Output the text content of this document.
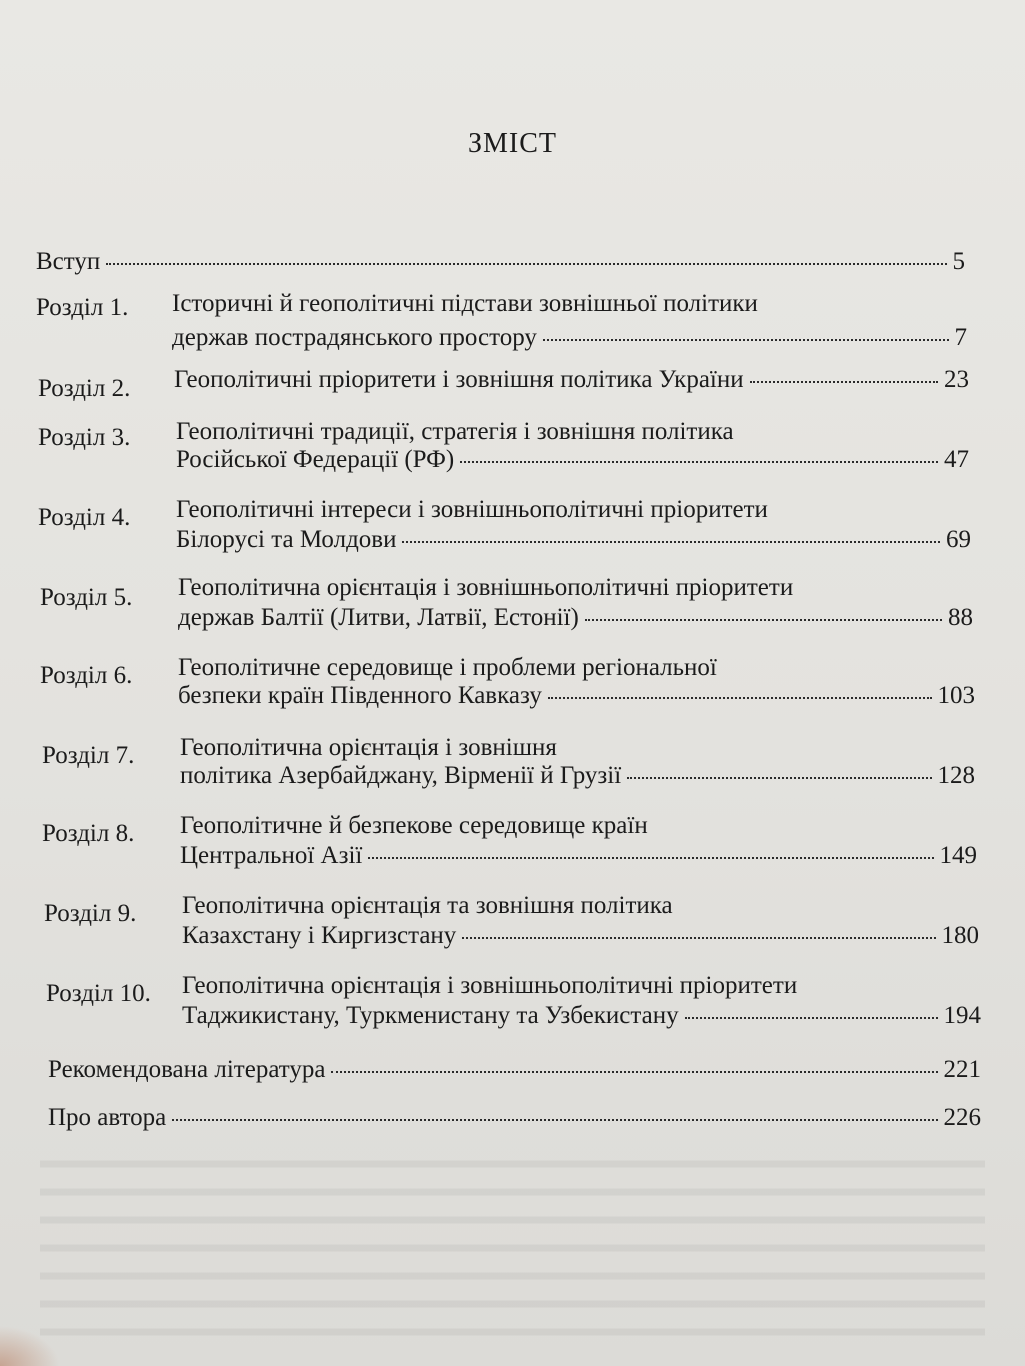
ЗМІСТ
Вступ	5
Розділ 1. Історичні й геополітичні підстави зовнішньої політики
держав пострадянського простору	7
Розділ 2. Геополітичні пріоритети і зовнішня політика України	23
Розділ 3. Геополітичні традиції, стратегія і зовнішня політика
Російської Федерації (РФ)	47
Розділ 4. Геополітичні інтереси і зовнішньополітичні пріоритети
Білорусі та Молдови	69
Розділ 5. Геополітична орієнтація і зовнішньополітичні пріоритети
держав Балтії (Литви, Латвії, Естонії)	88
Розділ 6. Геополітичне середовище і проблеми регіональної
безпеки країн Південного Кавказу	103
Розділ 7. Геополітична орієнтація і зовнішня
політика Азербайджану, Вірменії й Грузії	128
Розділ 8. Геополітичне й безпекове середовище країн
Центральної Азії	149
Розділ 9. Геополітична орієнтація та зовнішня політика
Казахстану і Киргизстану	180
Розділ 10. Геополітична орієнтація і зовнішньополітичні пріоритети
Таджикистану, Туркменистану та Узбекистану	194
Рекомендована література	221
Про автора	226
